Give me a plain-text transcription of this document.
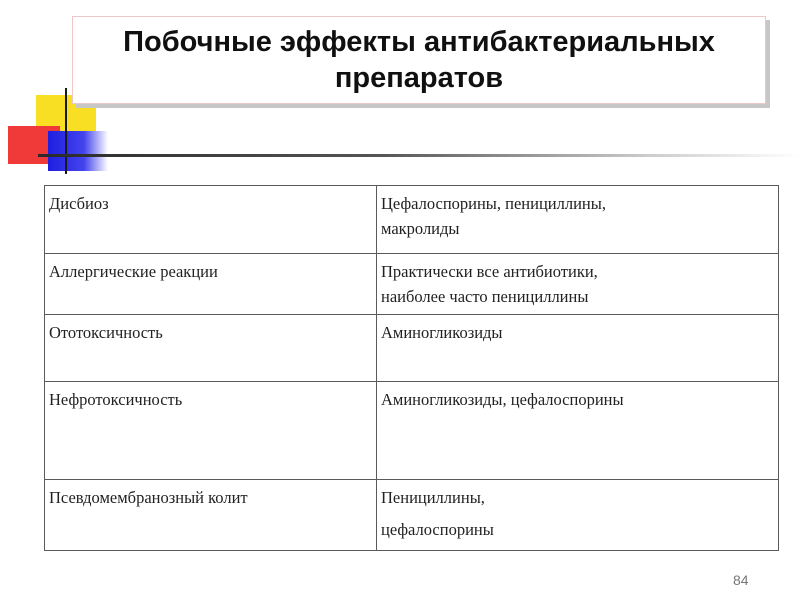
Побочные эффекты антибактериальных препаратов
Дисбиоз	Цефалоспорины, пенициллины,
макролиды

Аллергические реакции	Практически все антибиотики,
наиболее часто пенициллины

Ототоксичность	Аминогликозиды

Нефротоксичность	Аминогликозиды, цефалоспорины

Псевдомембранозный колит	Пенициллины,
цефалоспорины
84
